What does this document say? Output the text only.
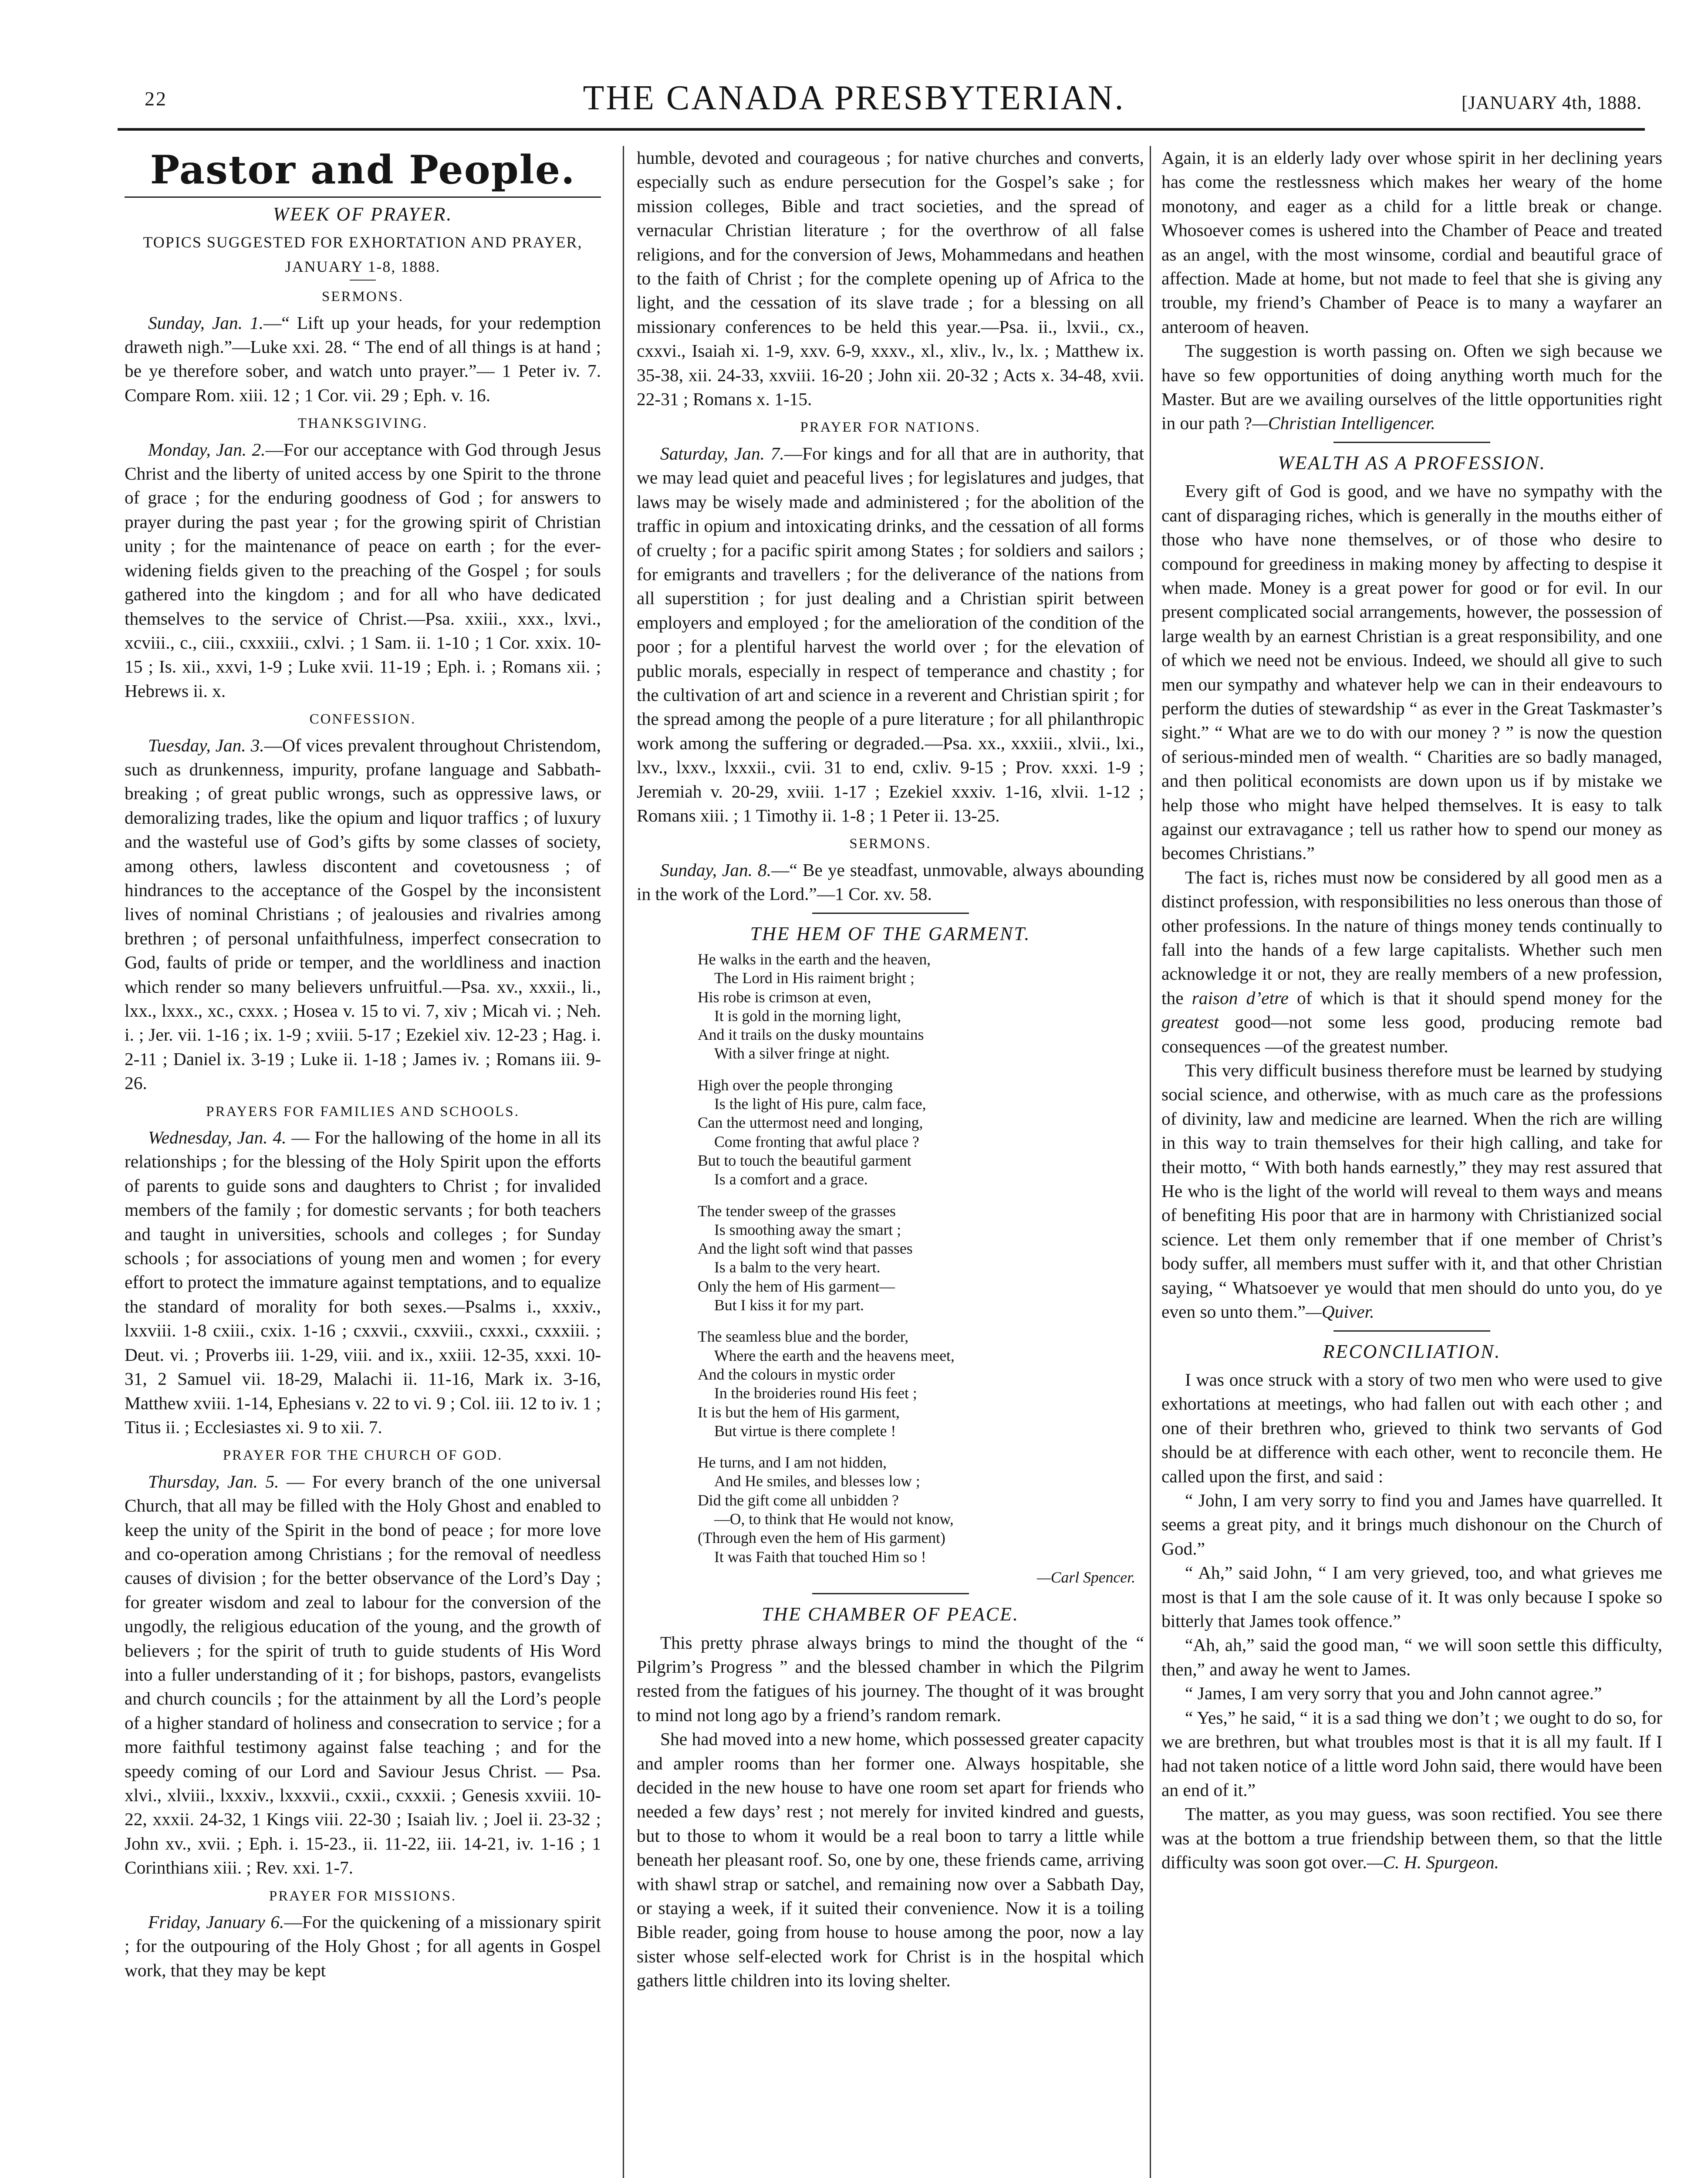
22	THE CANADA PRESBYTERIAN.	[JANUARY 4th, 1888.
Pastor and People.
WEEK OF PRAYER.
TOPICS SUGGESTED FOR EXHORTATION AND PRAYER,
JANUARY 1-8, 1888.
SERMONS.

Sunday, Jan. 1.—“ Lift up your heads, for your redemption draweth nigh.”—Luke xxi. 28. “ The end of all things is at hand ; be ye therefore sober, and watch unto prayer.”— 1 Peter iv. 7. Compare Rom. xiii. 12 ; 1 Cor. vii. 29 ; Eph. v. 16.

THANKSGIVING.

Monday, Jan. 2.—For our acceptance with God through Jesus Christ and the liberty of united access by one Spirit to the throne of grace ; for the enduring goodness of God ; for answers to prayer during the past year ; for the growing spirit of Christian unity ; for the maintenance of peace on earth ; for the ever-widening fields given to the preaching of the Gospel ; for souls gathered into the kingdom ; and for all who have dedicated themselves to the service of Christ.—Psa. xxiii., xxx., lxvi., xcviii., c., ciii., cxxxiii., cxlvi. ; 1 Sam. ii. 1-10 ; 1 Cor. xxix. 10-15 ; Is. xii., xxvi, 1-9 ; Luke xvii. 11-19 ; Eph. i. ; Romans xii. ; Hebrews ii. x.

CONFESSION.

Tuesday, Jan. 3.—Of vices prevalent throughout Christendom, such as drunkenness, impurity, profane language and Sabbath-breaking ; of great public wrongs, such as oppressive laws, or demoralizing trades, like the opium and liquor traffics ; of luxury and the wasteful use of God’s gifts by some classes of society, among others, lawless discontent and covetousness ; of hindrances to the acceptance of the Gospel by the inconsistent lives of nominal Christians ; of jealousies and rivalries among brethren ; of personal unfaithfulness, imperfect consecration to God, faults of pride or temper, and the worldliness and inaction which render so many believers unfruitful.—Psa. xv., xxxii., li., lxx., lxxx., xc., cxxx. ; Hosea v. 15 to vi. 7, xiv ; Micah vi. ; Neh. i. ; Jer. vii. 1-16 ; ix. 1-9 ; xviii. 5-17 ; Ezekiel xiv. 12-23 ; Hag. i. 2-11 ; Daniel ix. 3-19 ; Luke ii. 1-18 ; James iv. ; Romans iii. 9-26.

PRAYERS FOR FAMILIES AND SCHOOLS.

Wednesday, Jan. 4. — For the hallowing of the home in all its relationships ; for the blessing of the Holy Spirit upon the efforts of parents to guide sons and daughters to Christ ; for invalided members of the family ; for domestic servants ; for both teachers and taught in universities, schools and colleges ; for Sunday schools ; for associations of young men and women ; for every effort to protect the immature against temptations, and to equalize the standard of morality for both sexes.—Psalms i., xxxiv., lxxviii. 1-8 cxiii., cxix. 1-16 ; cxxvii., cxxviii., cxxxi., cxxxiii. ; Deut. vi. ; Proverbs iii. 1-29, viii. and ix., xxiii. 12-35, xxxi. 10-31, 2 Samuel vii. 18-29, Malachi ii. 11-16, Mark ix. 3-16, Matthew xviii. 1-14, Ephesians v. 22 to vi. 9 ; Col. iii. 12 to iv. 1 ; Titus ii. ; Ecclesiastes xi. 9 to xii. 7.

PRAYER FOR THE CHURCH OF GOD.

Thursday, Jan. 5. — For every branch of the one universal Church, that all may be filled with the Holy Ghost and enabled to keep the unity of the Spirit in the bond of peace ; for more love and co-operation among Christians ; for the removal of needless causes of division ; for the better observance of the Lord’s Day ; for greater wisdom and zeal to labour for the conversion of the ungodly, the religious education of the young, and the growth of believers ; for the spirit of truth to guide students of His Word into a fuller understanding of it ; for bishops, pastors, evangelists and church councils ; for the attainment by all the Lord’s people of a higher standard of holiness and consecration to service ; for a more faithful testimony against false teaching ; and for the speedy coming of our Lord and Saviour Jesus Christ. — Psa. xlvi., xlviii., lxxxiv., lxxxvii., cxxii., cxxxii. ; Genesis xxviii. 10-22, xxxii. 24-32, 1 Kings viii. 22-30 ; Isaiah liv. ; Joel ii. 23-32 ; John xv., xvii. ; Eph. i. 15-23., ii. 11-22, iii. 14-21, iv. 1-16 ; 1 Corinthians xiii. ; Rev. xxi. 1-7.

PRAYER FOR MISSIONS.

Friday, January 6.—For the quickening of a missionary spirit ; for the outpouring of the Holy Ghost ; for all agents in Gospel work, that they may be kept

humble, devoted and courageous ; for native churches and converts, especially such as endure persecution for the Gospel’s sake ; for mission colleges, Bible and tract societies, and the spread of vernacular Christian literature ; for the overthrow of all false religions, and for the conversion of Jews, Mohammedans and heathen to the faith of Christ ; for the complete opening up of Africa to the light, and the cessation of its slave trade ; for a blessing on all missionary conferences to be held this year.—Psa. ii., lxvii., cx., cxxvi., Isaiah xi. 1-9, xxv. 6-9, xxxv., xl., xliv., lv., lx. ; Matthew ix. 35-38, xii. 24-33, xxviii. 16-20 ; John xii. 20-32 ; Acts x. 34-48, xvii. 22-31 ; Romans x. 1-15.

PRAYER FOR NATIONS.

Saturday, Jan. 7.—For kings and for all that are in authority, that we may lead quiet and peaceful lives ; for legislatures and judges, that laws may be wisely made and administered ; for the abolition of the traffic in opium and intoxicating drinks, and the cessation of all forms of cruelty ; for a pacific spirit among States ; for soldiers and sailors ; for emigrants and travellers ; for the deliverance of the nations from all superstition ; for just dealing and a Christian spirit between employers and employed ; for the amelioration of the condition of the poor ; for a plentiful harvest the world over ; for the elevation of public morals, especially in respect of temperance and chastity ; for the cultivation of art and science in a reverent and Christian spirit ; for the spread among the people of a pure literature ; for all philanthropic work among the suffering or degraded.—Psa. xx., xxxiii., xlvii., lxi., lxv., lxxv., lxxxii., cvii. 31 to end, cxliv. 9-15 ; Prov. xxxi. 1-9 ; Jeremiah v. 20-29, xviii. 1-17 ; Ezekiel xxxiv. 1-16, xlvii. 1-12 ; Romans xiii. ; 1 Timothy ii. 1-8 ; 1 Peter ii. 13-25.

SERMONS.

Sunday, Jan. 8.—“ Be ye steadfast, unmovable, always abounding in the work of the Lord.”—1 Cor. xv. 58.

THE HEM OF THE GARMENT.
He walks in the earth and the heaven,
The Lord in His raiment bright ;
His robe is crimson at even,
It is gold in the morning light,
And it trails on the dusky mountains
With a silver fringe at night.
High over the people thronging
Is the light of His pure, calm face,
Can the uttermost need and longing,
Come fronting that awful place ?
But to touch the beautiful garment
Is a comfort and a grace.
The tender sweep of the grasses
Is smoothing away the smart ;
And the light soft wind that passes
Is a balm to the very heart.
Only the hem of His garment—
But I kiss it for my part.
The seamless blue and the border,
Where the earth and the heavens meet,
And the colours in mystic order
In the broideries round His feet ;
It is but the hem of His garment,
But virtue is there complete !
He turns, and I am not hidden,
And He smiles, and blesses low ;
Did the gift come all unbidden ?
—O, to think that He would not know,
(Through even the hem of His garment)
It was Faith that touched Him so !
—Carl Spencer.
THE CHAMBER OF PEACE.

This pretty phrase always brings to mind the thought of the “ Pilgrim’s Progress ” and the blessed chamber in which the Pilgrim rested from the fatigues of his journey. The thought of it was brought to mind not long ago by a friend’s random remark.

She had moved into a new home, which possessed greater capacity and ampler rooms than her former one. Always hospitable, she decided in the new house to have one room set apart for friends who needed a few days’ rest ; not merely for invited kindred and guests, but to those to whom it would be a real boon to tarry a little while beneath her pleasant roof. So, one by one, these friends came, arriving with shawl strap or satchel, and remaining now over a Sabbath Day, or staying a week, if it suited their convenience. Now it is a toiling Bible reader, going from house to house among the poor, now a lay sister whose self-elected work for Christ is in the hospital which gathers little children into its loving shelter.

Again, it is an elderly lady over whose spirit in her declining years has come the restlessness which makes her weary of the home monotony, and eager as a child for a little break or change. Whosoever comes is ushered into the Chamber of Peace and treated as an angel, with the most winsome, cordial and beautiful grace of affection. Made at home, but not made to feel that she is giving any trouble, my friend’s Chamber of Peace is to many a wayfarer an anteroom of heaven.

The suggestion is worth passing on. Often we sigh because we have so few opportunities of doing anything worth much for the Master. But are we availing ourselves of the little opportunities right in our path ?—Christian Intelligencer.

WEALTH AS A PROFESSION.

Every gift of God is good, and we have no sympathy with the cant of disparaging riches, which is generally in the mouths either of those who have none themselves, or of those who desire to compound for greediness in making money by affecting to despise it when made. Money is a great power for good or for evil. In our present complicated social arrangements, however, the possession of large wealth by an earnest Christian is a great responsibility, and one of which we need not be envious. Indeed, we should all give to such men our sympathy and whatever help we can in their endeavours to perform the duties of stewardship “ as ever in the Great Taskmaster’s sight.” “ What are we to do with our money ? ” is now the question of serious-minded men of wealth. “ Charities are so badly managed, and then political economists are down upon us if by mistake we help those who might have helped themselves. It is easy to talk against our extravagance ; tell us rather how to spend our money as becomes Christians.”

The fact is, riches must now be considered by all good men as a distinct profession, with responsibilities no less onerous than those of other professions. In the nature of things money tends continually to fall into the hands of a few large capitalists. Whether such men acknowledge it or not, they are really members of a new profession, the raison d’etre of which is that it should spend money for the greatest good—not some less good, producing remote bad consequences —of the greatest number.

This very difficult business therefore must be learned by studying social science, and otherwise, with as much care as the professions of divinity, law and medicine are learned. When the rich are willing in this way to train themselves for their high calling, and take for their motto, “ With both hands earnestly,” they may rest assured that He who is the light of the world will reveal to them ways and means of benefiting His poor that are in harmony with Christianized social science. Let them only remember that if one member of Christ’s body suffer, all members must suffer with it, and that other Christian saying, “ Whatsoever ye would that men should do unto you, do ye even so unto them.”—Quiver.

RECONCILIATION.

I was once struck with a story of two men who were used to give exhortations at meetings, who had fallen out with each other ; and one of their brethren who, grieved to think two servants of God should be at difference with each other, went to reconcile them. He called upon the first, and said :

“ John, I am very sorry to find you and James have quarrelled. It seems a great pity, and it brings much dishonour on the Church of God.”

“ Ah,” said John, “ I am very grieved, too, and what grieves me most is that I am the sole cause of it. It was only because I spoke so bitterly that James took offence.”

“Ah, ah,” said the good man, “ we will soon settle this difficulty, then,” and away he went to James.

“ James, I am very sorry that you and John cannot agree.”

“ Yes,” he said, “ it is a sad thing we don’t ; we ought to do so, for we are brethren, but what troubles most is that it is all my fault. If I had not taken notice of a little word John said, there would have been an end of it.”

The matter, as you may guess, was soon rectified. You see there was at the bottom a true friendship between them, so that the little difficulty was soon got over.—C. H. Spurgeon.
